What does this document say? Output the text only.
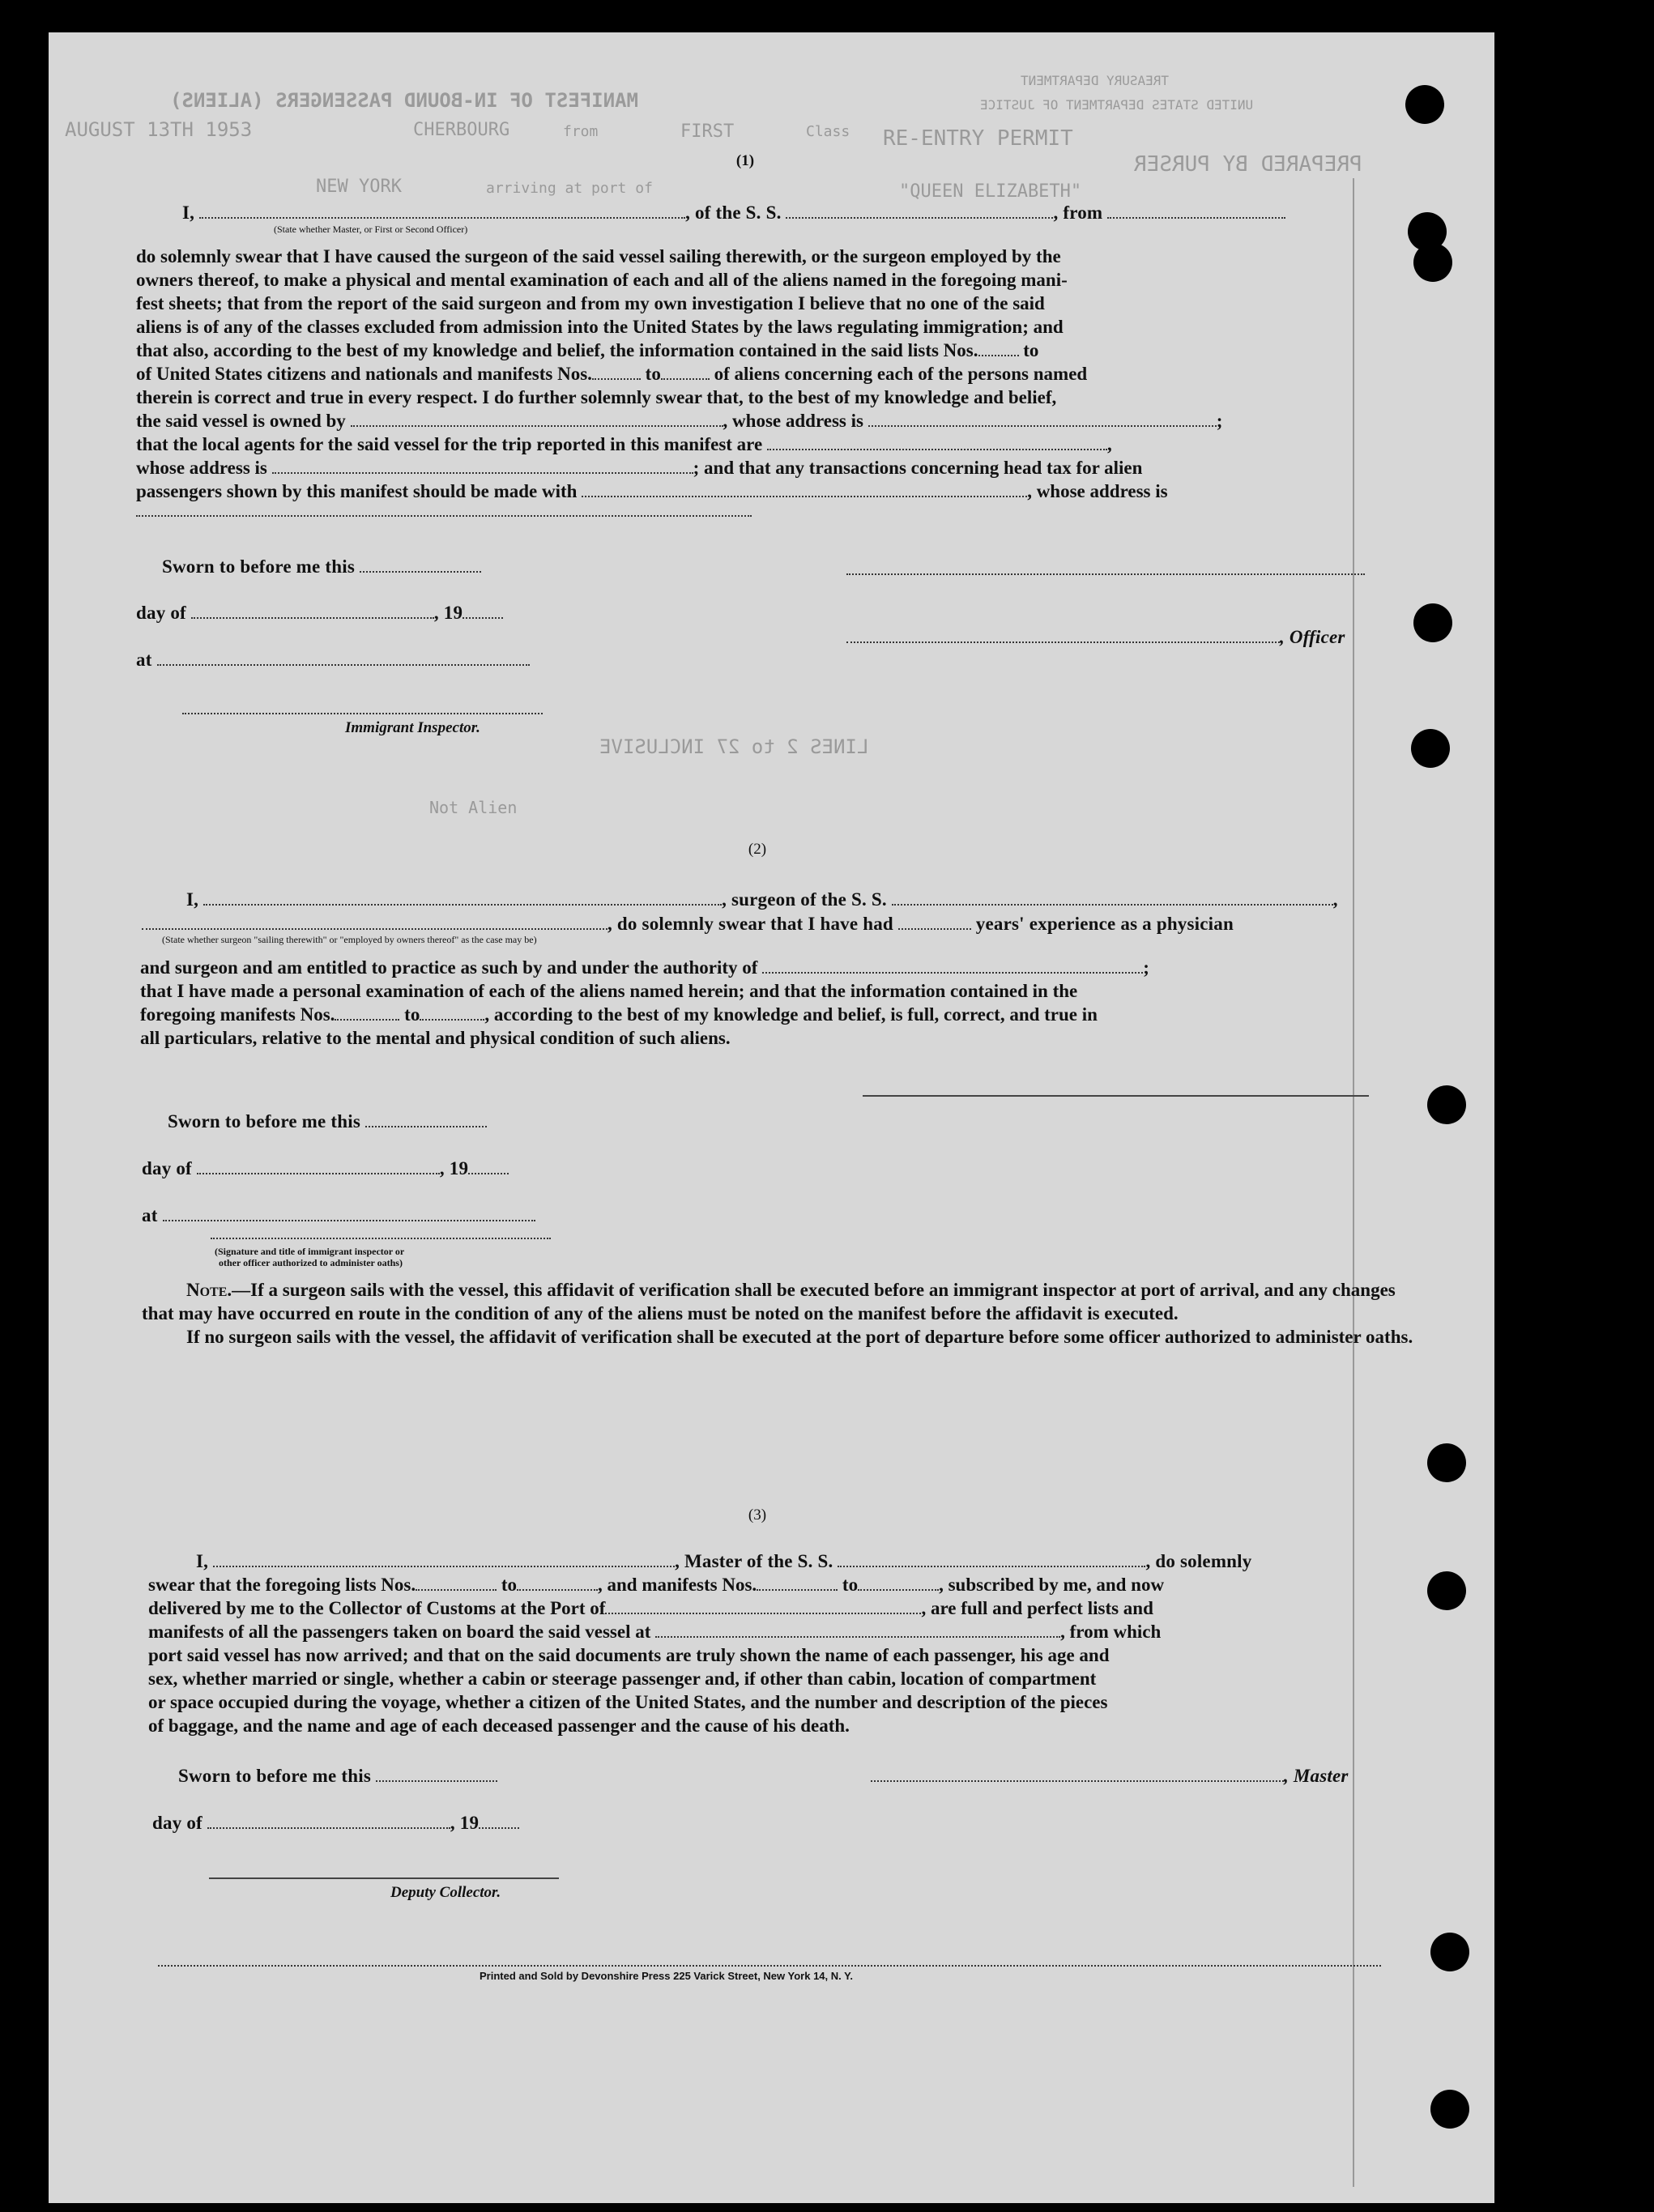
MANIFEST OF IN-BOUND PASSENGERS (ALIENS)
FIRST	Class
CHERBOURG	from
AUGUST 13TH 1953	RE-ENTRY PERMIT
PREPARED BY PURSER
TREASURY DEPARTMENT
UNITED STATES DEPARTMENT OF JUSTICE
arriving at port of
NEW YORK	"QUEEN ELIZABETH"
LINES 2 to 27 INCLUSIVE
Not Alien
(1)
I,	, of the S. S.	, from
(State whether Master, or First or Second Officer)

do solemnly swear that I have caused the surgeon of the said vessel sailing therewith, or the surgeon employed by the

owners thereof, to make a physical and mental examination of each and all of the aliens named in the foregoing mani-

fest sheets; that from the report of the said surgeon and from my own investigation I believe that no one of the said

aliens is of any of the classes excluded from admission into the United States by the laws regulating immigration; and

that also, according to the best of my knowledge and belief, the information contained in the said lists Nos. to

of United States citizens and nationals and manifests Nos.	to	of aliens concerning each of the persons named

therein is correct and true in every respect. I do further solemnly swear that, to the best of my knowledge and belief,

the said vessel is owned by	, whose address is	;

that the local agents for the said vessel for the trip reported in this manifest are	,

whose address is	; and that any transactions concerning head tax for alien

passengers shown by this manifest should be made with	, whose address is

Sworn to before me this
day of	, 19
, Officer
at
Immigrant Inspector.
(2)
I,	, surgeon of the S. S.	,
, do solemnly swear that I have had	years' experience as a physician
(State whether surgeon "sailing therewith" or "employed by owners thereof" as the case may be)

and surgeon and am entitled to practice as such by and under the authority of	;

that I have made a personal examination of each of the aliens named herein; and that the information contained in the

foregoing manifests Nos.	to	, according to the best of my knowledge and belief, is full, correct, and true in

all particulars, relative to the mental and physical condition of such aliens.

Sworn to before me this
day of	, 19
at
(Signature and title of immigrant inspector or
other officer authorized to administer oaths)

Note.—If a surgeon sails with the vessel, this affidavit of verification shall be executed before an immigrant inspector at port of arrival, and any changes that may have occurred en route in the condition of any of the aliens must be noted on the manifest before the affidavit is executed.

If no surgeon sails with the vessel, the affidavit of verification shall be executed at the port of departure before some officer authorized to administer oaths.

(3)
I,	, Master of the S. S.	, do solemnly

swear that the foregoing lists Nos.	to	, and manifests Nos.	to	, subscribed by me, and now

delivered by me to the Collector of Customs at the Port of	, are full and perfect lists and

manifests of all the passengers taken on board the said vessel at	, from which

port said vessel has now arrived; and that on the said documents are truly shown the name of each passenger, his age and

sex, whether married or single, whether a cabin or steerage passenger and, if other than cabin, location of compartment

or space occupied during the voyage, whether a citizen of the United States, and the number and description of the pieces

of baggage, and the name and age of each deceased passenger and the cause of his death.

Sworn to before me this	, Master
day of	, 19
Deputy Collector.
Printed and Sold by Devonshire Press 225 Varick Street, New York 14, N. Y.
